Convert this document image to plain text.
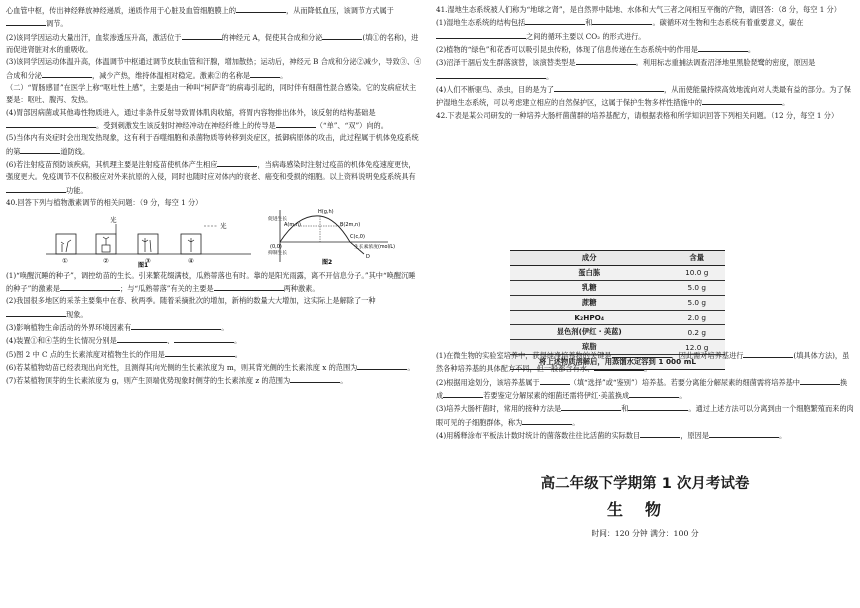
心血管中枢，传出神经释放神经递质，递质作用于心脏及血管细胞膜上的	，从而降低血压，该调节方式属于调节。

(2)该同学因运动大量出汗，血浆渗透压升高，激活位于	的神经元 A，促使其合成和分泌	(填①的名称)，进而促进肾脏对水的重吸收。

(3)该同学因运动体温升高，体温调节中枢通过调节皮肤血管和汗腺，增加散热；运动后，神经元 B 合成和分泌②减少，导致③、④合成和分泌	，减少产热，维持体温相对稳定。激素②的名称是	。

（二）“胃肠感冒”在医学上称“呕吐性上感”，主要是由一种叫“柯萨奇”的病毒引起的，同时伴有细菌性混合感染。它的发病症状主要是：呕吐、腹泻、发热。

(4)胃部因病菌或其他毒性物质进入，通过非条件反射导致胃体肌肉收缩，将胃内容物排出体外，该反射的结构基础是。受到刺激发生该反射时神经冲动在神经纤维上的传导是	（“单”、“双”）向的。

(5)当体内有炎症时会出现发热现象，这有利于吞噬细胞和杀菌物质等转移到炎症区，抵御病原体的攻击，此过程属于机体免疫系统的第	道防线。

(6)若注射疫苗预防该疾病，其机理主要是注射疫苗使机体产生相应	，当病毒感染时注射过疫苗的机体免疫速度更快，强度更大。免疫调节不仅积极应对外来抗原的入侵，同时也随时应对体内的衰老、癌变和受损的细胞。以上资料说明免疫系统具有功能。

40.回答下列与植物激素调节的相关问题：（9 分，每空 1 分）

光
光
①	②	③	④
图1
促进生长
抑制生长
H(g,h)
A(m,n)	B(2m,n)
C(c,0)
(0,0)
D
生长素浓度(mol/L)
图2

(1)“唤醒沉睡的种子”，调控幼苗的生长。引来繁花缀满枝，瓜熟蒂落也有时。靠的是阳光雨露，离不开信息分子。”其中“唤醒沉睡的种子”的激素是	；与“瓜熟蒂落”有关的主要是	两种激素。

(2)我国很多地区的采茶主要集中在春、秋两季。随着采摘批次的增加，新梢的数量大大增加，这实际上是解除了一种现象。

(3)影响植物生命活动的外界环境因素有	。

(4)装置①和④茎的生长情况分别是	、	。

(5)图 2 中 C 点的生长素浓度对植物生长的作用是	。

(6)若某植物幼苗已经表现出向光性，且测得其向光侧的生长素浓度为 m，则其背光侧的生长素浓度 x 的范围为	。

(7)若某植物顶芽的生长素浓度为 g，则产生顶端优势现象时侧芽的生长素浓度 z 的范围为	。

41.湿地生态系统被人们称为“地球之肾”，是自然界中陆地、水体和大气三者之间相互平衡的产物，请回答：（8 分，每空 1 分）

(1)湿地生态系统的结构包括	和	。碳循环对生物和生态系统有着重要意义，碳在之间的循环主要以 CO₂ 的形式进行。

(2)植物的“绿色”和花香可以吸引昆虫传粉，体现了信息传递在生态系统中的作用是	。

(3)沼泽干涸后发生群落演替，该演替类型是	。利用标志重捕法调查沼泽地里黑脸琵鹭的密度，原因是。

(4)人们不断驱鸟、杀虫，目的是为了	，从而使能量持续高效地流向对人类最有益的部分。为了保护湿地生态系统，可以考虑建立相应的自然保护区，这属于保护生物多样性措施中的	。

42.下表是某公司研发的一种培养大肠杆菌菌群的培养基配方，请根据表格和所学知识回答下列相关问题。（12 分，每空 1 分）

成分	含量
蛋白胨	10.0 g
乳糖	5.0 g
蔗糖	5.0 g
K₂HPO₄	2.0 g
显色剂(伊红・美蓝)	0.2 g
琼脂	12.0 g
将上述物质溶解后，用蒸馏水定容到 1 000 mL	

(1)在微生物的实验室培养中，获得纯净培养物的关键是	，因此需对培养基进行	(填具体方法)，虽然各种培养基的具体配方不同，但一般都含有水、	。

(2)根据用途划分，该培养基属于	（填“选择”或“鉴别”）培养基。若要分离能分解尿素的细菌需将培养基中	换成	若要鉴定分解尿素的细菌还需将伊红·美蓝换成	。

(3)培养大肠杆菌时，常用的接种方法是	和	。通过上述方法可以分离到由一个细胞繁殖而来的肉眼可见的子细胞群体，称为	。

(4)用稀释涂布平板法计数时统计的菌落数往往比活菌的实际数目	，原因是	。

高二年级下学期第 1 次月考试卷
生物
时间：120 分钟 满分：100 分
